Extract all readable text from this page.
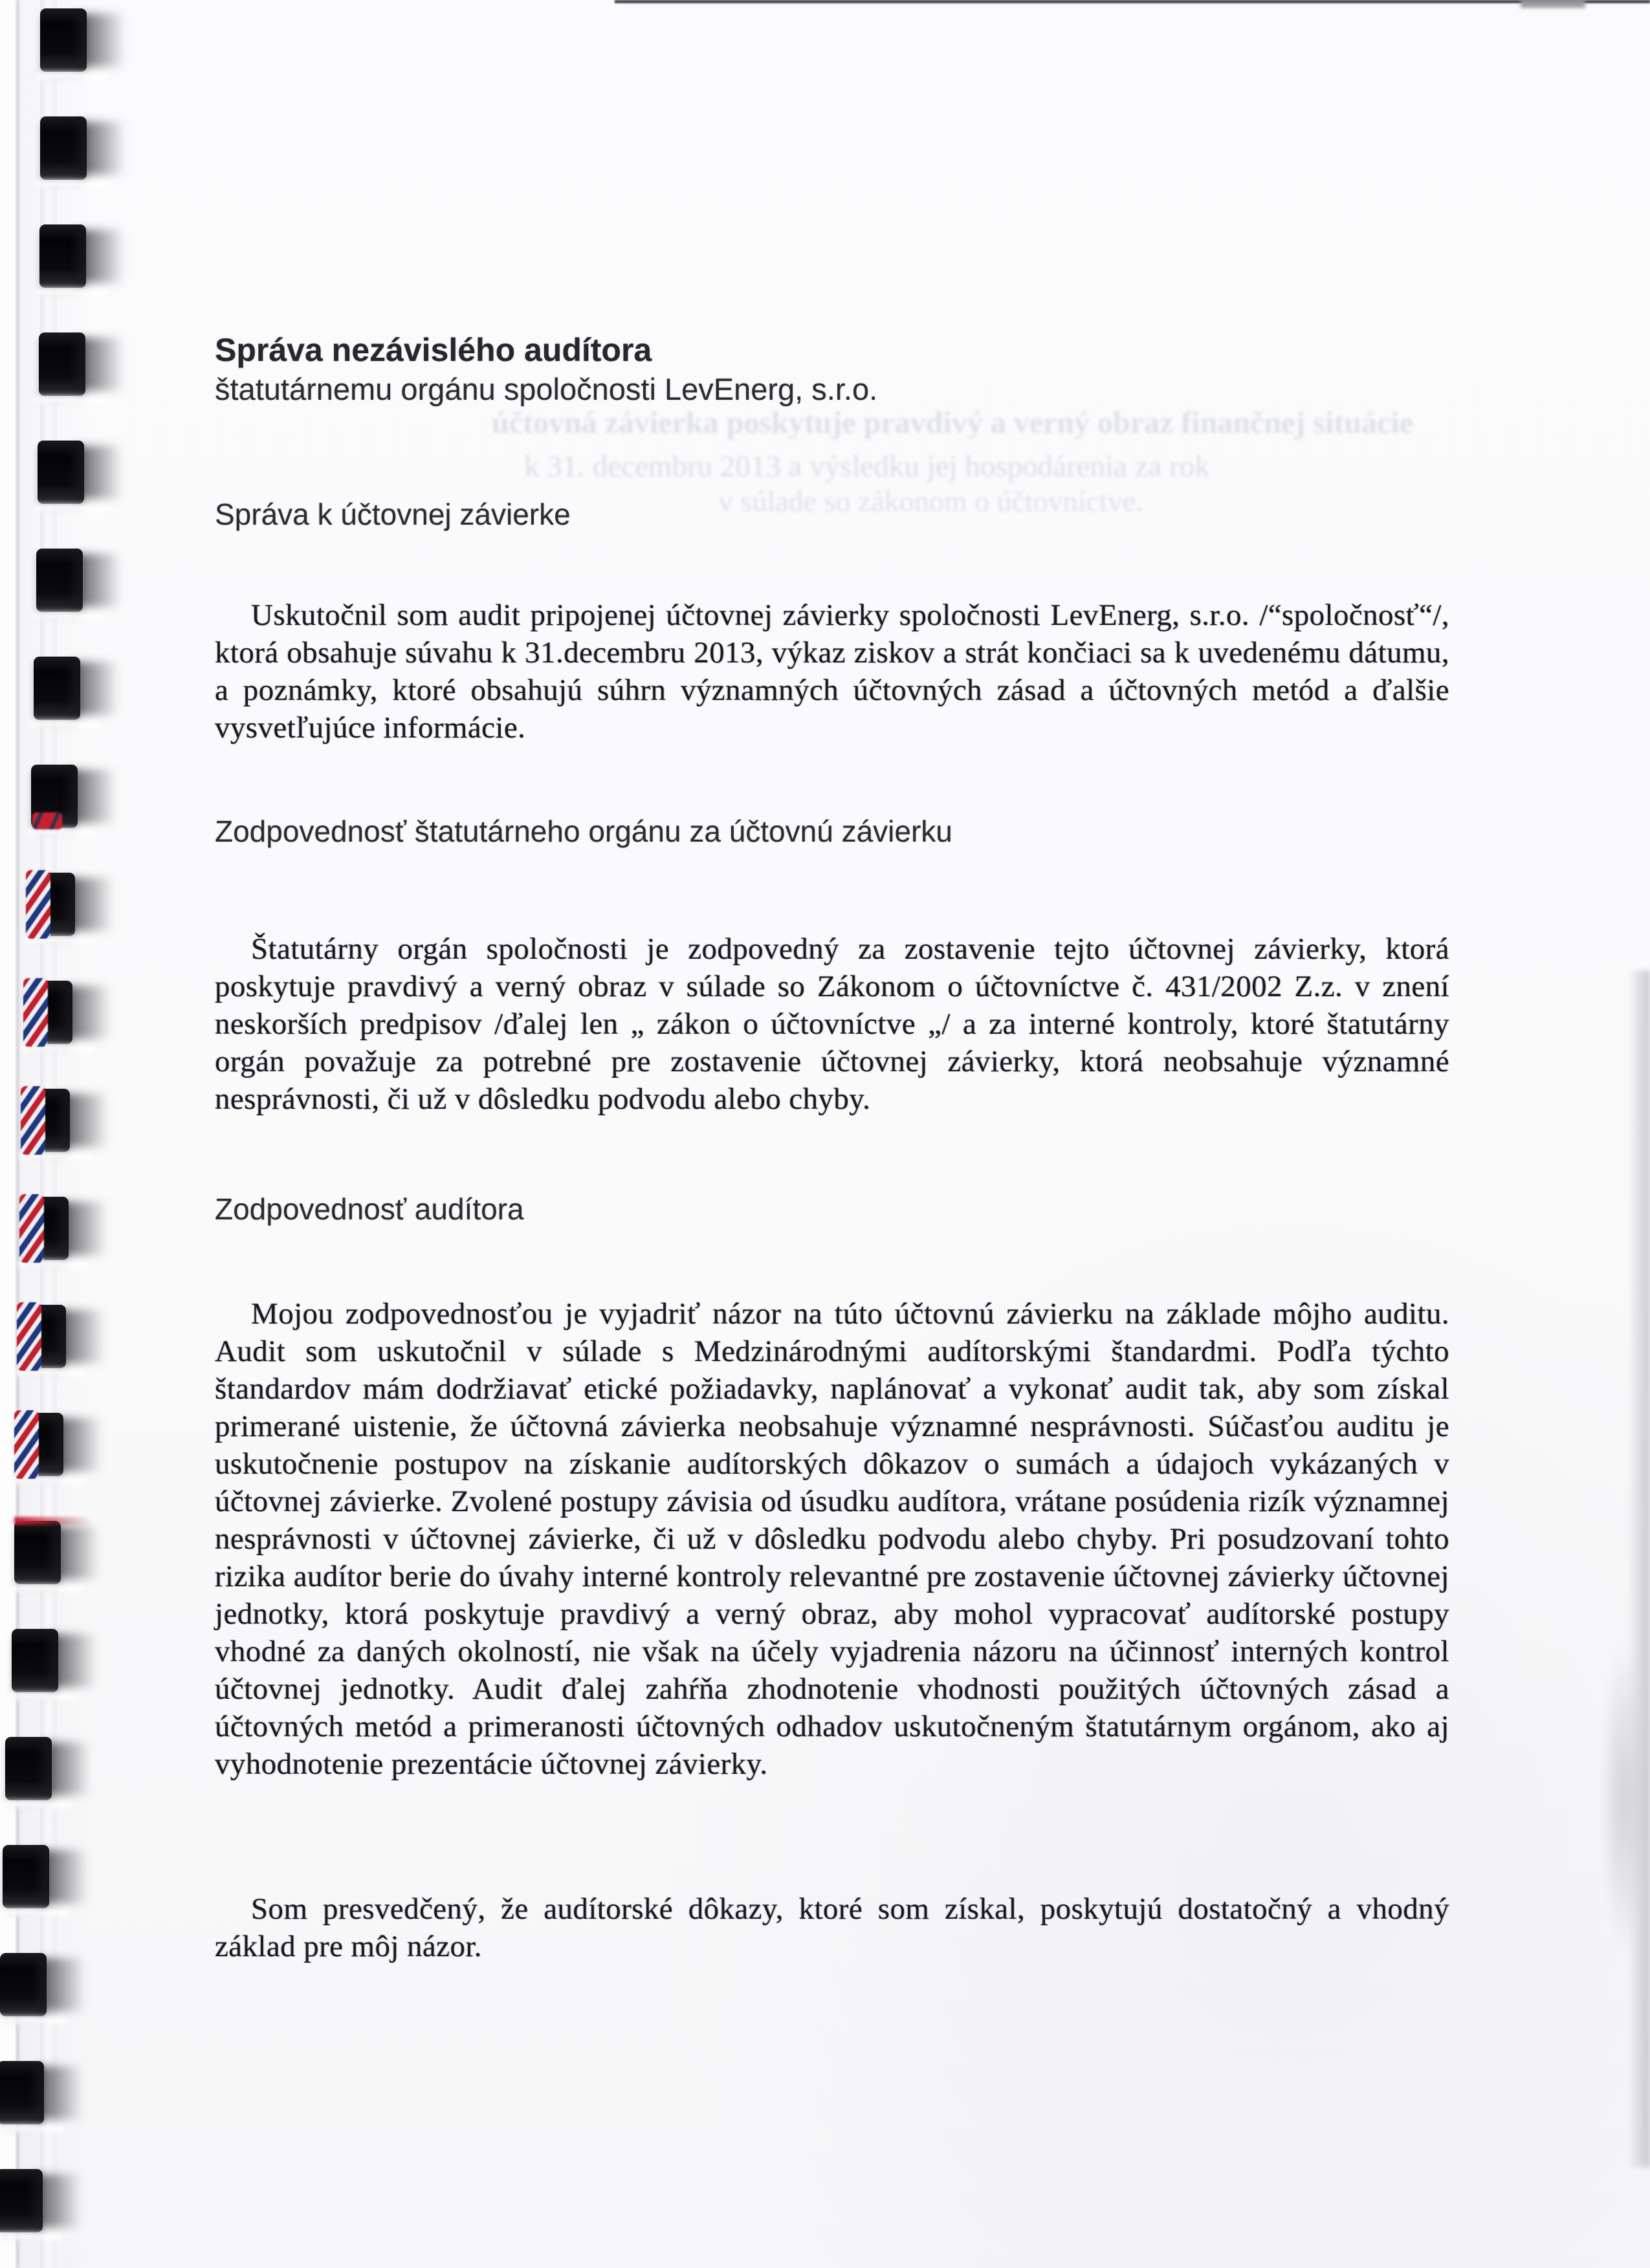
účtovná závierka poskytuje pravdivý a verný obraz finančnej situácie
k 31. decembru 2013 a výsledku jej hospodárenia za rok
v súlade so zákonom o účtovníctve.
Správa nezávislého audítora
štatutárnemu orgánu spoločnosti LevEnerg, s.r.o.
Správa k účtovnej závierke

Uskutočnil som audit pripojenej účtovnej závierky spoločnosti LevEnerg, s.r.o. /“spoločnosť“/, ktorá obsahuje súvahu k 31.decembru 2013, výkaz ziskov a strát končiaci sa k uvedenému dátumu, a poznámky, ktoré obsahujú súhrn významných účtovných zásad a účtovných metód a ďalšie vysvetľujúce informácie.

Zodpovednosť štatutárneho orgánu za účtovnú závierku

Štatutárny orgán spoločnosti je zodpovedný za zostavenie tejto účtovnej závierky, ktorá poskytuje pravdivý a verný obraz v súlade so Zákonom o účtovníctve č. 431/2002 Z.z. v znení neskorších predpisov /ďalej len „ zákon o účtovníctve „/ a za interné kontroly, ktoré štatutárny orgán považuje za potrebné pre zostavenie účtovnej závierky, ktorá neobsahuje významné nesprávnosti, či už v dôsledku podvodu alebo chyby.

Zodpovednosť audítora

Mojou zodpovednosťou je vyjadriť názor na túto účtovnú závierku na základe môjho auditu. Audit som uskutočnil v súlade s Medzinárodnými audítorskými štandardmi. Podľa týchto štandardov mám dodržiavať etické požiadavky, naplánovať a vykonať audit tak, aby som získal primerané uistenie, že účtovná závierka neobsahuje významné nesprávnosti. Súčasťou auditu je uskutočnenie postupov na získanie audítorských dôkazov o sumách a údajoch vykázaných v účtovnej závierke. Zvolené postupy závisia od úsudku audítora, vrátane posúdenia rizík významnej nesprávnosti v účtovnej závierke, či už v dôsledku podvodu alebo chyby. Pri posudzovaní tohto rizika audítor berie do úvahy interné kontroly relevantné pre zostavenie účtovnej závierky účtovnej jednotky, ktorá poskytuje pravdivý a verný obraz, aby mohol vypracovať audítorské postupy vhodné za daných okolností, nie však na účely vyjadrenia názoru na účinnosť interných kontrol účtovnej jednotky. Audit ďalej zahŕňa zhodnotenie vhodnosti použitých účtovných zásad a účtovných metód a primeranosti účtovných odhadov uskutočneným štatutárnym orgánom, ako aj vyhodnotenie prezentácie účtovnej závierky.

Som presvedčený, že audítorské dôkazy, ktoré som získal, poskytujú dostatočný a vhodný základ pre môj názor.
